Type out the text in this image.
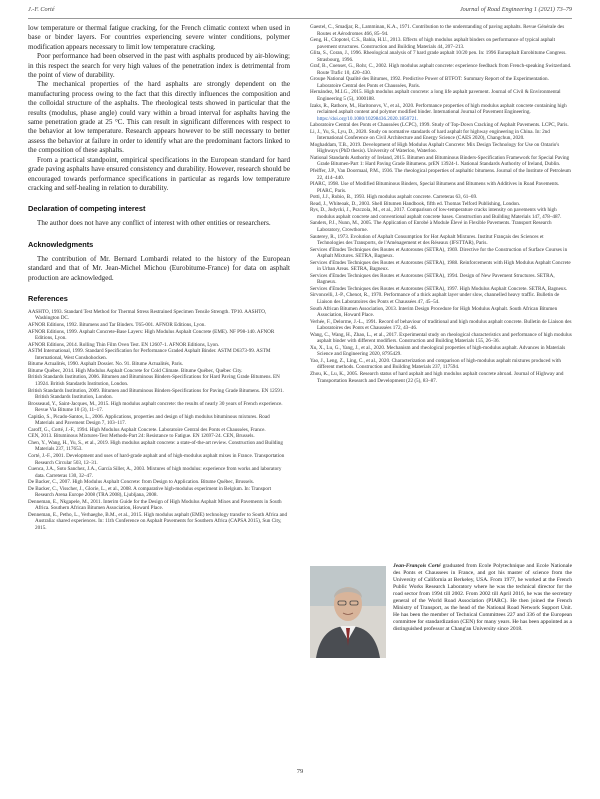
J.-F. Corté	Journal of Road Engineering 1 (2021) 73–79

low temperature or thermal fatigue cracking, for the French climatic context when used in base or binder layers. For countries experiencing severe winter conditions, polymer modification appears necessary to limit low temperature cracking.

Poor performance had been observed in the past with asphalts produced by air-blowing; in this respect the search for very high values of the penetration index is detrimental from the point of view of durability.

The mechanical properties of the hard asphalts are strongly dependent on the manufacturing process owing to the fact that this directly influences the composition and the colloidal structure of the asphalts. The rheological tests showed in particular that the results (modulus, phase angle) could vary within a broad interval for asphalts having the same penetration grade at 25 °C. This can result in significant differences with respect to the behavior at low temperature. Research appears however to be still necessary to better assess the behavior at failure in order to identify what are the predominant factors linked to the composition of these asphalts.

From a practical standpoint, empirical specifications in the European standard for hard grade paving asphalts have ensured consistency and durability. However, research should be encouraged towards performance specifications in particular as regards low temperature cracking and self-healing in relation to durability.

Declaration of competing interest

The author does not have any conflict of interest with other entities or researchers.

Acknowledgments

The contribution of Mr. Bernard Lombardi related to the history of the European standard and that of Mr. Jean-Michel Michou (Eurobitume-France) for data on asphalt production are acknowledged.

References
AASHTO, 1993. Standard Test Method for Thermal Stress Restrained Specimen Tensile Strength. TP10. AASHTO, Washington DC.
AFNOR Editions, 1992. Bitumens and Tar Binders. T65-001. AFNOR Editions, Lyon.
AFNOR Editions, 1999. Asphalt Concrete-Base Layers: High Modulus Asphalt Concrete (EME). NF P98-140. AFNOR Editions, Lyon.
AFNOR Editions, 2014. Rolling Thin Film Oven Test. EN 12607-1. AFNOR Editions, Lyon.
ASTM International, 1999. Standard Specification for Performance Graded Asphalt Binder. ASTM D6373-99. ASTM International, West Conshohocken.
Bitume Actualités, 1990. Asphalt Dossier. No. 91. Bitume Actualités, Paris.
Bitume Québec, 2014. High Modulus Asphalt Concrete for Cold Climate. Bitume Québec, Québec City.
British Standards Institution, 2006. Bitumen and Bituminous Binders-Specifications for Hard Paving Grade Bitumens. EN 13924. British Standards Institution, London.
British Standards Institution, 2009. Bitumen and Bituminous Binders-Specifications for Paving Grade Bitumens. EN 12591. British Standards Institution, London.
Brosseaud, Y., Saint-Jacques, M., 2015. High modulus asphalt concrete: the results of nearly 30 years of French experience. Revue Via Bitume 10 (3), 11–17.
Capitão, S., Picado-Santos, L., 2006. Applications, properties and design of high modulus bituminous mixtures. Road Materials and Pavement Design 7, 103–117.
Caroff, G., Corté, J.-F., 1994. High Modulus Asphalt Concrete. Laboratoire Central des Ponts et Chaussées, France.
CEN, 2013. Bituminous Mixtures-Test Methods-Part 24: Resistance to Fatigue. EN 12697-24. CEN, Brussels.
Chen, Y., Wang, H., Yu, S., et al., 2019. High modulus asphalt concrete: a state-of-the-art review. Construction and Building Materials 237, 117653.
Corté, J.-F., 2001. Development and uses of hard-grade asphalt and of high-modulus asphalt mixes in France. Transportation Research Circular 503, 12–31.
Cuenca, J.A., Soto Sanchez, J.A., García Siller, A., 2003. Mixtures of high modulus: experience from works and laboratory data. Carreteras 130, 32–47.
De Backer, C., 2007. High Modulus Asphalt Concrete: from Design to Application. Bitume Québec, Brussels.
De Backer, C., Visscher, J., Glorie, L., et al., 2008. A comparative high-modulus experiment in Belgium. In: Transport Research Arena Europe 2008 (TRA 2008), Ljubljana, 2008.
Denneman, E., Nkgapele, M., 2011. Interim Guide for the Design of High Modulus Asphalt Mixes and Pavements in South Africa. Southern African Bitumen Association, Howard Place.
Denneman, E., Petho, L., Verhaeghe, B.M., et al., 2015. High modulus asphalt (EME) technology transfer to South Africa and Australia: shared experiences. In: 11th Conference on Asphalt Pavements for Southern Africa (CAPSA 2015), Sun City, 2015.
Gaestel, C., Smadjar, R., Lamminan, K.A., 1971. Contribution to the understanding of paving asphalts. Revue Générale des Routes et Aérodromes 466, 85–94.
Geng, H., Clopotel, C.S., Bahia, H.U., 2013. Effects of high modulus asphalt binders on performance of typical asphalt pavement structures. Construction and Building Materials 44, 207–213.
Glita, S., Coran, J., 1996. Rheological analysis of 7 hard grade asphalt 10/20 pen. In: 1996 Eurasphalt Eurobitume Congress. Strasbourg, 1996.
Graf, B., Coenset, G., Rohr, C., 2002. High modulus asphalt concrete: experience feedback from French-speaking Switzerland. Route Trafic 10, 420–430.
Groupe National Qualité des Bitumes, 1992. Predictive Power of BTFOT: Summary Report of the Experimentation. Laboratoire Central des Ponts et Chaussées, Paris.
Hernández, M.I.G., 2015. High modulus asphalt concrete: a long life asphalt pavement. Journal of Civil & Environmental Engineering 5 (5), 1000188.
Izaks, R., Rathore, M., Haritonovs, V., et al., 2020. Performance properties of high modulus asphalt concrete containing high reclaimed asphalt content and polymer modified binder. International Journal of Pavement Engineering. https://doi.org/10.1080/10298436.2020.1850721.
Laboratoire Central des Ponts et Chaussées (LCPC), 1999. Study of Top-Down Cracking of Asphalt Pavements. LCPC, Paris.
Li, J., Yu, S., Lyu, D., 2020. Study on normative standards of hard asphalt for highway engineering in China. In: 2nd International Conference on Civil Architecture and Energy Science (CAES 2020), Changchun, 2020.
Moghaddam, T.B., 2019. Development of High Modulus Asphalt Concrete: Mix Design Technology for Use on Ontario's Highways (PhD thesis). University of Waterloo, Waterloo.
National Standards Authority of Ireland, 2015. Bitumen and Bituminous Binders-Specification Framework for Special Paving Grade Bitumen-Part 1: Hard Paving Grade Bitumens. prEN 13924-1. National Standards Authority of Ireland, Dublin.
Pfeiffer, J.P., Van Doormaal, P.M., 1936. The rheological properties of asphaltic bitumens. Journal of the Institute of Petroleum 22, 414–440.
PIARC, 1998. Use of Modified Bituminous Binders, Special Bitumens and Bitumens with Additives in Road Pavements. PIARC, Paris.
Potti, J.J., Rubio, B., 1993. High modulus asphalt concrete. Carreteras 63, 61–69.
Read, J., Whiteoak, D., 2003. Shell Bitumen Handbook, fifth ed. Thomas Telford Publishing, London.
Rys, D., Judycki, J., Pszczola, M., et al., 2017. Comparison of low-temperature cracks intensity on pavements with high modulus asphalt concrete and conventional asphalt concrete bases. Construction and Building Materials 147, 478–487.
Sanders, P.J., Nunn, M., 2005. The Application of Enrobé à Module Élevé in Flexible Pavements. Transport Research Laboratory, Crowthorne.
Sauterey, R., 1973. Evolution of Asphalt Consumption for Hot Asphalt Mixtures. Institut Français des Sciences et Technologies des Transports, de l'Aménagement et des Réseaux (IFSTTAR), Paris.
Services d'Etudes Techniques des Routes et Autoroutes (SETRA), 1969. Directive for the Construction of Surface Courses in Asphalt Mixtures. SETRA, Bagneux.
Services d'Etudes Techniques des Routes et Autoroutes (SETRA), 1988. Reinforcements with High Modulus Asphalt Concrete in Urban Areas. SETRA, Bagneux.
Services d'Etudes Techniques des Routes et Autoroutes (SETRA), 1994. Design of New Pavement Structures. SETRA, Bagneux.
Services d'Etudes Techniques des Routes et Autoroutes (SETRA), 1997. High Modulus Asphalt Concrete. SETRA, Bagneux.
Sirvoncelli, J.-P., Chenot, R., 1970. Performance of a thick asphalt layer under slow, channelled heavy traffic. Bulletin de Liaison des Laboratoires des Ponts et Chaussées 47, 45–54.
South African Bitumen Association, 2013. Interim Design Procedure for High Modulus Asphalt. South African Bitumen Association, Howard Place.
Verhée, F., Delorme, J.-L., 1991. Record of behaviour of traditional and high modulus asphalt concrete. Bulletin de Liaison des Laboratoires des Ponts et Chaussées 172, 43–46.
Wang, C., Wang, H., Zhao, L., et al., 2017. Experimental study on rheological characteristics and performance of high modulus asphalt binder with different modifiers. Construction and Building Materials 155, 26–36.
Xu, X., Lu, G., Yang, J., et al., 2020. Mechanism and rheological properties of high-modulus asphalt. Advances in Materials Science and Engineering 2020, 8795429.
Yao, J., Leng, Z., Ling, C., et al., 2020. Characterization and comparison of high-modulus asphalt mixtures produced with different methods. Construction and Building Materials 237, 117594.
Zhou, K., Lu, K., 2005. Research status of hard asphalt and high modulus asphalt concrete abroad. Journal of Highway and Transportation Research and Development (22 (5), 83–87.

Jean-François Corté graduated from Ecole Polytechnique and Ecole Nationale des Ponts et Chaussees in France, and got his master of science from the University of California at Berkeley, USA. From 1977, he worked at the French Public Works Research Laboratory where he was the technical director for the road sector from 1994 till 2002. From 2002 till April 2016, he was the secretary general of the World Road Association (PIARC). He then joined the French Ministry of Transport, as the head of the National Road Network Support Unit. He has been the member of Technical Committees 227 and 336 of the European committee for standardization (CEN) for many years. He has been appointed as a distinguished professor at Chang'an University since 2018.

79
